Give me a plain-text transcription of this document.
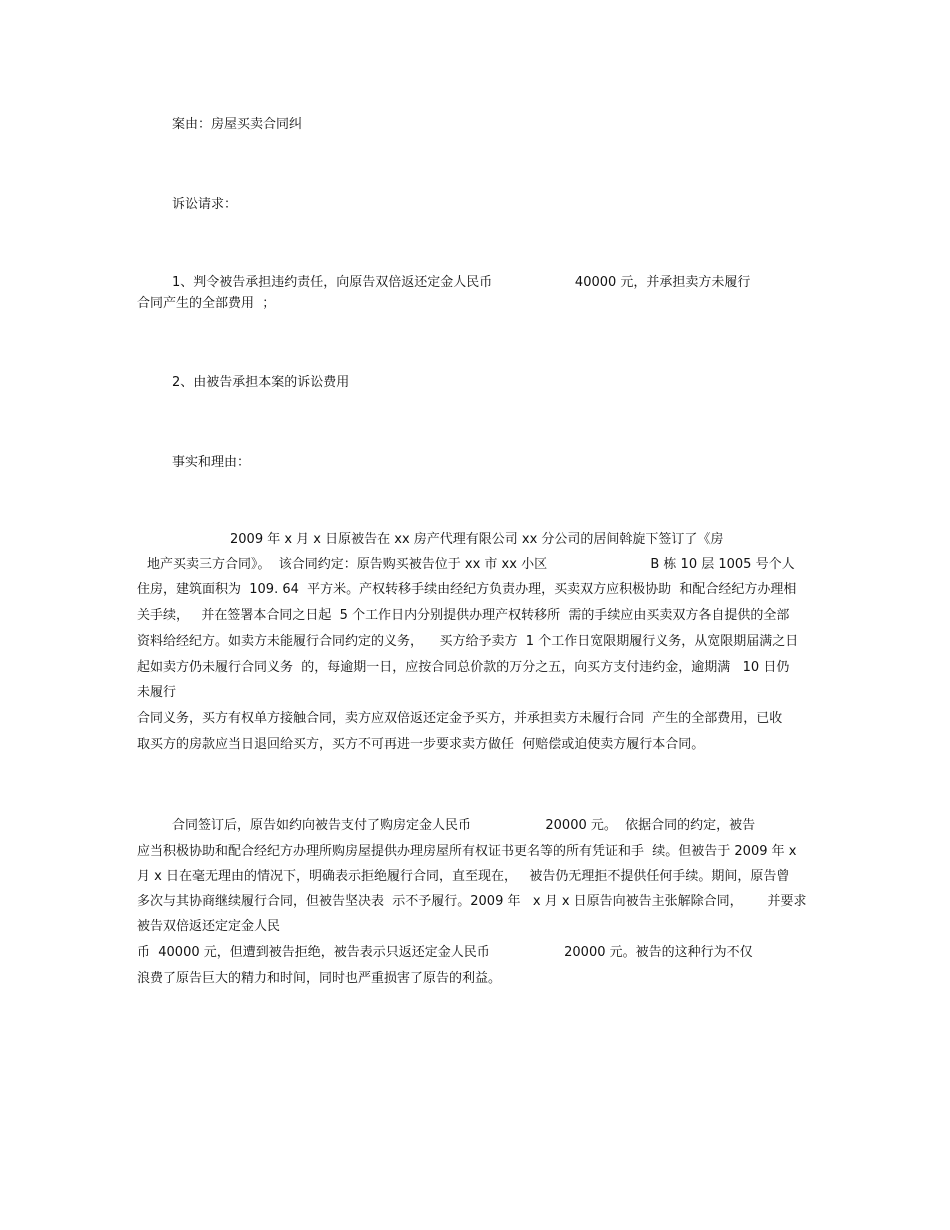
案由：房屋买卖合同纠
诉讼请求：
1、判令被告承担违约责任，向原告双倍返还定金人民币                    40000 元，并承担卖方未履行
合同产生的全部费用  ；
2、由被告承担本案的诉讼费用
事实和理由：
2009 年 x 月 x 日原被告在 xx 房产代理有限公司 xx 分公司的居间斡旋下签订了《房
地产买卖三方合同》。  该合同约定：原告购买被告位于 xx 市 xx 小区                         B 栋 10 层 1005 号个人
住房，建筑面积为  109. 64  平方米。产权转移手续由经纪方负责办理，买卖双方应积极协助  和配合经纪方办理相
关手续，   并在签署本合同之日起  5 个工作日内分别提供办理产权转移所  需的手续应由买卖双方各自提供的全部
资料给经纪方。如卖方未能履行合同约定的义务，    买方给予卖方  1 个工作日宽限期履行义务，从宽限期届满之日
起如卖方仍未履行合同义务  的，每逾期一日，应按合同总价款的万分之五，向买方支付违约金，逾期满   10 日仍
未履行
合同义务，买方有权单方接触合同，卖方应双倍返还定金予买方，并承担卖方未履行合同  产生的全部费用，已收
取买方的房款应当日退回给买方，买方不可再进一步要求卖方做任  何赔偿或迫使卖方履行本合同。
合同签订后，原告如约向被告支付了购房定金人民币                  20000 元。  依据合同的约定，被告
应当积极协助和配合经纪方办理所购房屋提供办理房屋所有权证书更名等的所有凭证和手  续。但被告于 2009 年 x
月 x 日在毫无理由的情况下，明确表示拒绝履行合同，直至现在，   被告仍无理拒不提供任何手续。期间，原告曾
多次与其协商继续履行合同，但被告坚决表  示不予履行。2009 年   x 月 x 日原告向被告主张解除合同，      并要求
被告双倍返还定定金人民
币  40000 元，但遭到被告拒绝，被告表示只返还定金人民币                  20000 元。被告的这种行为不仅
浪费了原告巨大的精力和时间，同时也严重损害了原告的利益。
